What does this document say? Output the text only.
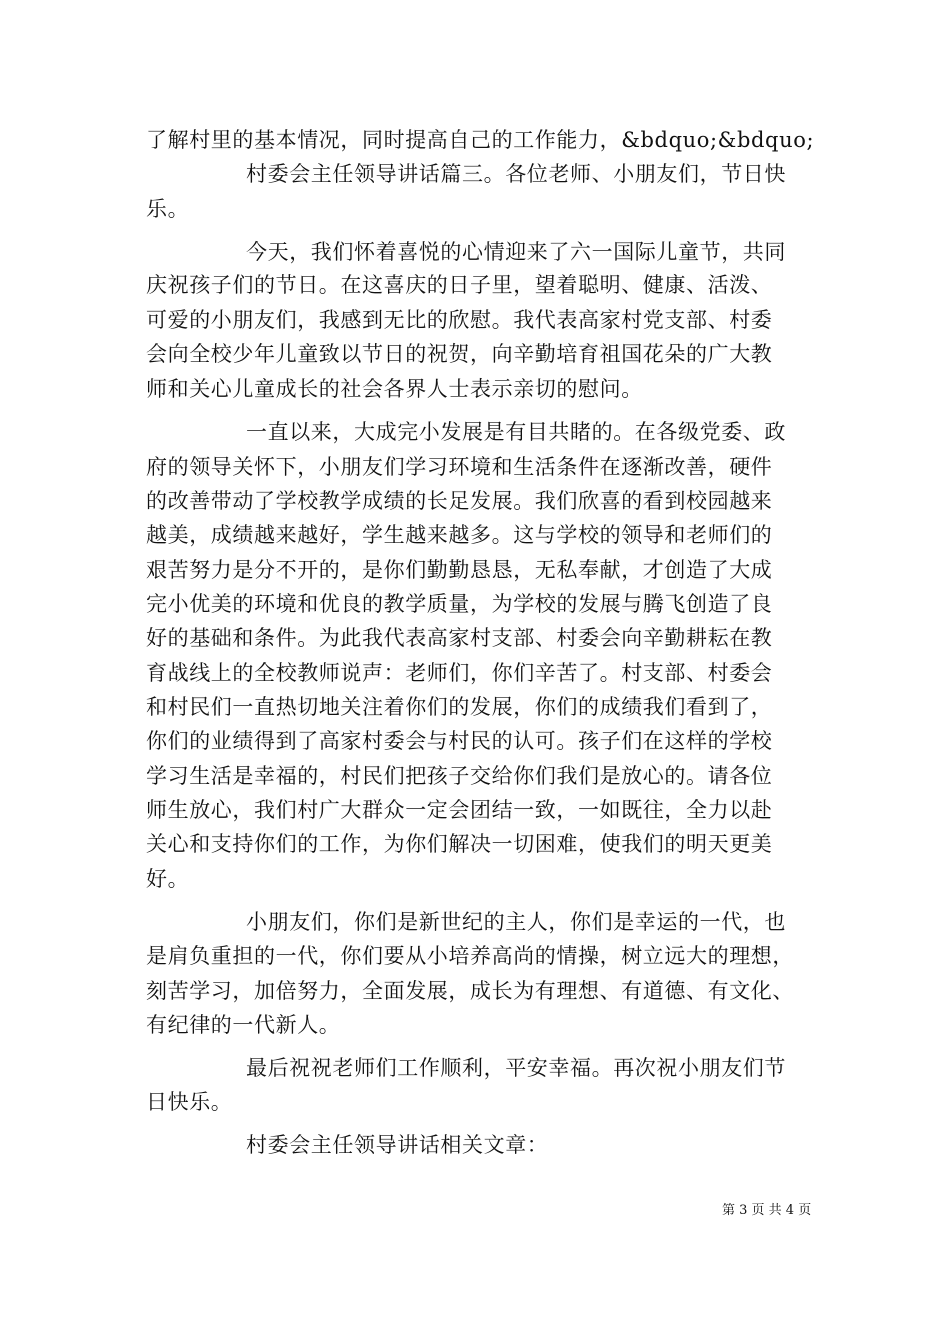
了解村里的基本情况，同时提高自己的工作能力，&bdquo;&bdquo;
村委会主任领导讲话篇三。各位老师、小朋友们，节日快
乐。
今天，我们怀着喜悦的心情迎来了六一国际儿童节，共同
庆祝孩子们的节日。在这喜庆的日子里，望着聪明、健康、活泼、
可爱的小朋友们，我感到无比的欣慰。我代表高家村党支部、村委
会向全校少年儿童致以节日的祝贺，向辛勤培育祖国花朵的广大教
师和关心儿童成长的社会各界人士表示亲切的慰问。
一直以来，大成完小发展是有目共睹的。在各级党委、政
府的领导关怀下，小朋友们学习环境和生活条件在逐渐改善，硬件
的改善带动了学校教学成绩的长足发展。我们欣喜的看到校园越来
越美，成绩越来越好，学生越来越多。这与学校的领导和老师们的
艰苦努力是分不开的，是你们勤勤恳恳，无私奉献，才创造了大成
完小优美的环境和优良的教学质量，为学校的发展与腾飞创造了良
好的基础和条件。为此我代表高家村支部、村委会向辛勤耕耘在教
育战线上的全校教师说声：老师们，你们辛苦了。村支部、村委会
和村民们一直热切地关注着你们的发展，你们的成绩我们看到了，
你们的业绩得到了高家村委会与村民的认可。孩子们在这样的学校
学习生活是幸福的，村民们把孩子交给你们我们是放心的。请各位
师生放心，我们村广大群众一定会团结一致，一如既往，全力以赴
关心和支持你们的工作，为你们解决一切困难，使我们的明天更美
好。
小朋友们，你们是新世纪的主人，你们是幸运的一代，也
是肩负重担的一代，你们要从小培养高尚的情操，树立远大的理想，
刻苦学习，加倍努力，全面发展，成长为有理想、有道德、有文化、
有纪律的一代新人。
最后祝祝老师们工作顺利，平安幸福。再次祝小朋友们节
日快乐。
村委会主任领导讲话相关文章：
第 3 页 共 4 页
